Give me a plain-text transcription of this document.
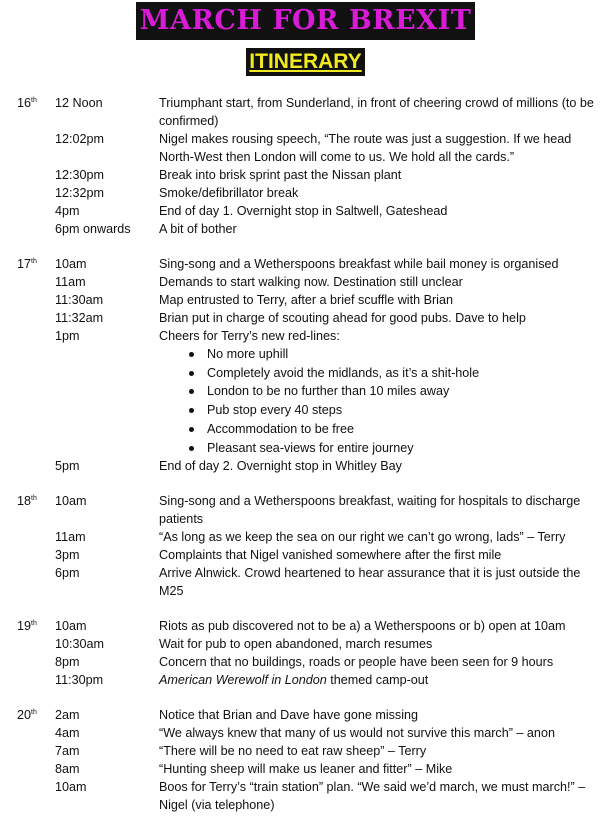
MARCH FOR BREXIT
ITINERARY
16th 12 Noon	Triumphant start, from Sunderland, in front of cheering crowd of millions (to be confirmed)
12:02pm	Nigel makes rousing speech, “The route was just a suggestion. If we head North-West then London will come to us. We hold all the cards.”
12:30pm	Break into brisk sprint past the Nissan plant
12:32pm	Smoke/defibrillator break
4pm	End of day 1. Overnight stop in Saltwell, Gateshead
6pm onwards A bit of bother
17th 10am	Sing-song and a Wetherspoons breakfast while bail money is organised
11am	Demands to start walking now. Destination still unclear
11:30am	Map entrusted to Terry, after a brief scuffle with Brian
11:32am	Brian put in charge of scouting ahead for good pubs. Dave to help
1pm	Cheers for Terry’s new red-lines:
No more uphill
Completely avoid the midlands, as it’s a shit-hole
London to be no further than 10 miles away
Pub stop every 40 steps
Accommodation to be free
Pleasant sea-views for entire journey
5pm	End of day 2. Overnight stop in Whitley Bay
18th 10am	Sing-song and a Wetherspoons breakfast, waiting for hospitals to discharge patients
11am	“As long as we keep the sea on our right we can’t go wrong, lads” – Terry
3pm	Complaints that Nigel vanished somewhere after the first mile
6pm	Arrive Alnwick. Crowd heartened to hear assurance that it is just outside the M25
19th 10am	Riots as pub discovered not to be a) a Wetherspoons or b) open at 10am
10:30am	Wait for pub to open abandoned, march resumes
8pm	Concern that no buildings, roads or people have been seen for 9 hours
11:30pm	American Werewolf in London themed camp-out
20th 2am	Notice that Brian and Dave have gone missing
4am	“We always knew that many of us would not survive this march” – anon
7am	“There will be no need to eat raw sheep” – Terry
8am	“Hunting sheep will make us leaner and fitter” – Mike
10am	Boos for Terry’s “train station” plan. “We said we’d march, we must march!” – Nigel (via telephone)
